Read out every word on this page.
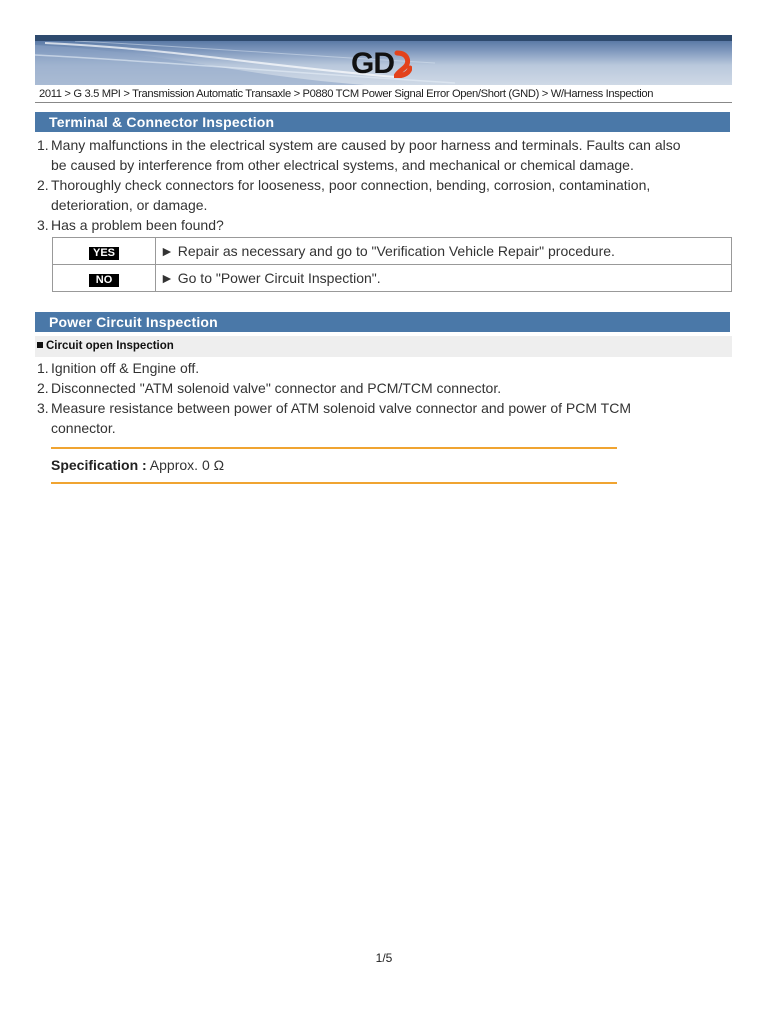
GD
2011 > G 3.5 MPI > Transmission Automatic Transaxle > P0880 TCM Power Signal Error Open/Short (GND) > W/Harness Inspection
Terminal & Connector Inspection
1. Many malfunctions in the electrical system are caused by poor harness and terminals. Faults can also
be caused by interference from other electrical systems, and mechanical or chemical damage.
2. Thoroughly check connectors for looseness, poor connection, bending, corrosion, contamination,
deterioration, or damage.
3. Has a problem been found?
YES	► Repair as necessary and go to "Verification Vehicle Repair" procedure.
NO	► Go to "Power Circuit Inspection".
Power Circuit Inspection
Circuit open Inspection
1. Ignition off & Engine off.
2. Disconnected "ATM solenoid valve" connector and PCM/TCM connector.
3. Measure resistance between power of ATM solenoid valve connector and power of PCM TCM
connector.
Specification : Approx. 0 Ω
1/5
